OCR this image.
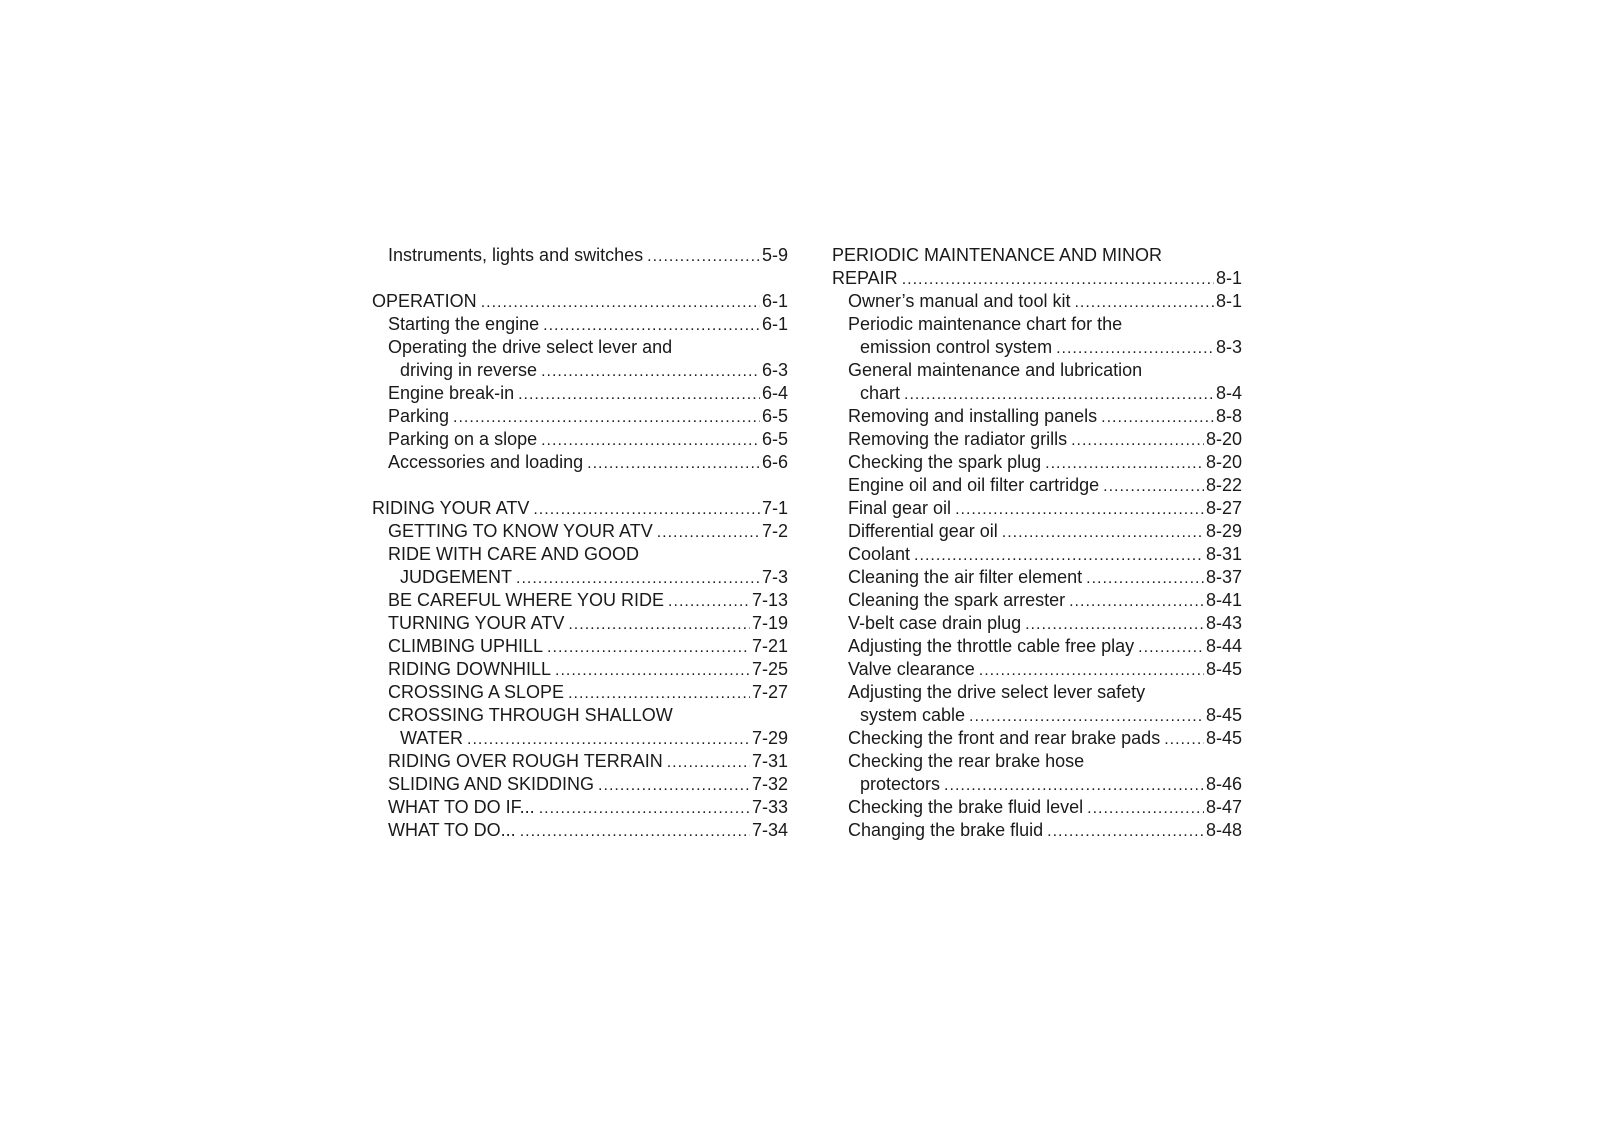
Instruments, lights and switches .....	5-9
OPERATION .....	6-1
Starting the engine .....	6-1
Operating the drive select lever and
driving in reverse .....	6-3
Engine break-in .....	6-4
Parking .....	6-5
Parking on a slope .....	6-5
Accessories and loading .....	6-6
RIDING YOUR ATV .....	7-1
GETTING TO KNOW YOUR ATV .....	7-2
RIDE WITH CARE AND GOOD
JUDGEMENT .....	7-3
BE CAREFUL WHERE YOU RIDE .....	7-13
TURNING YOUR ATV .....	7-19
CLIMBING UPHILL .....	7-21
RIDING DOWNHILL .....	7-25
CROSSING A SLOPE .....	7-27
CROSSING THROUGH SHALLOW
WATER .....	7-29
RIDING OVER ROUGH TERRAIN .....	7-31
SLIDING AND SKIDDING .....	7-32
WHAT TO DO IF... .....	7-33
WHAT TO DO... .....	7-34
PERIODIC MAINTENANCE AND MINOR
REPAIR .....	8-1
Owner’s manual and tool kit .....	8-1
Periodic maintenance chart for the
emission control system .....	8-3
General maintenance and lubrication
chart .....	8-4
Removing and installing panels .....	8-8
Removing the radiator grills .....	8-20
Checking the spark plug .....	8-20
Engine oil and oil filter cartridge .....	8-22
Final gear oil .....	8-27
Differential gear oil .....	8-29
Coolant .....	8-31
Cleaning the air filter element .....	8-37
Cleaning the spark arrester .....	8-41
V-belt case drain plug .....	8-43
Adjusting the throttle cable free play .....	8-44
Valve clearance .....	8-45
Adjusting the drive select lever safety
system cable .....	8-45
Checking the front and rear brake pads .....	8-45
Checking the rear brake hose
protectors .....	8-46
Checking the brake fluid level .....	8-47
Changing the brake fluid .....	8-48
